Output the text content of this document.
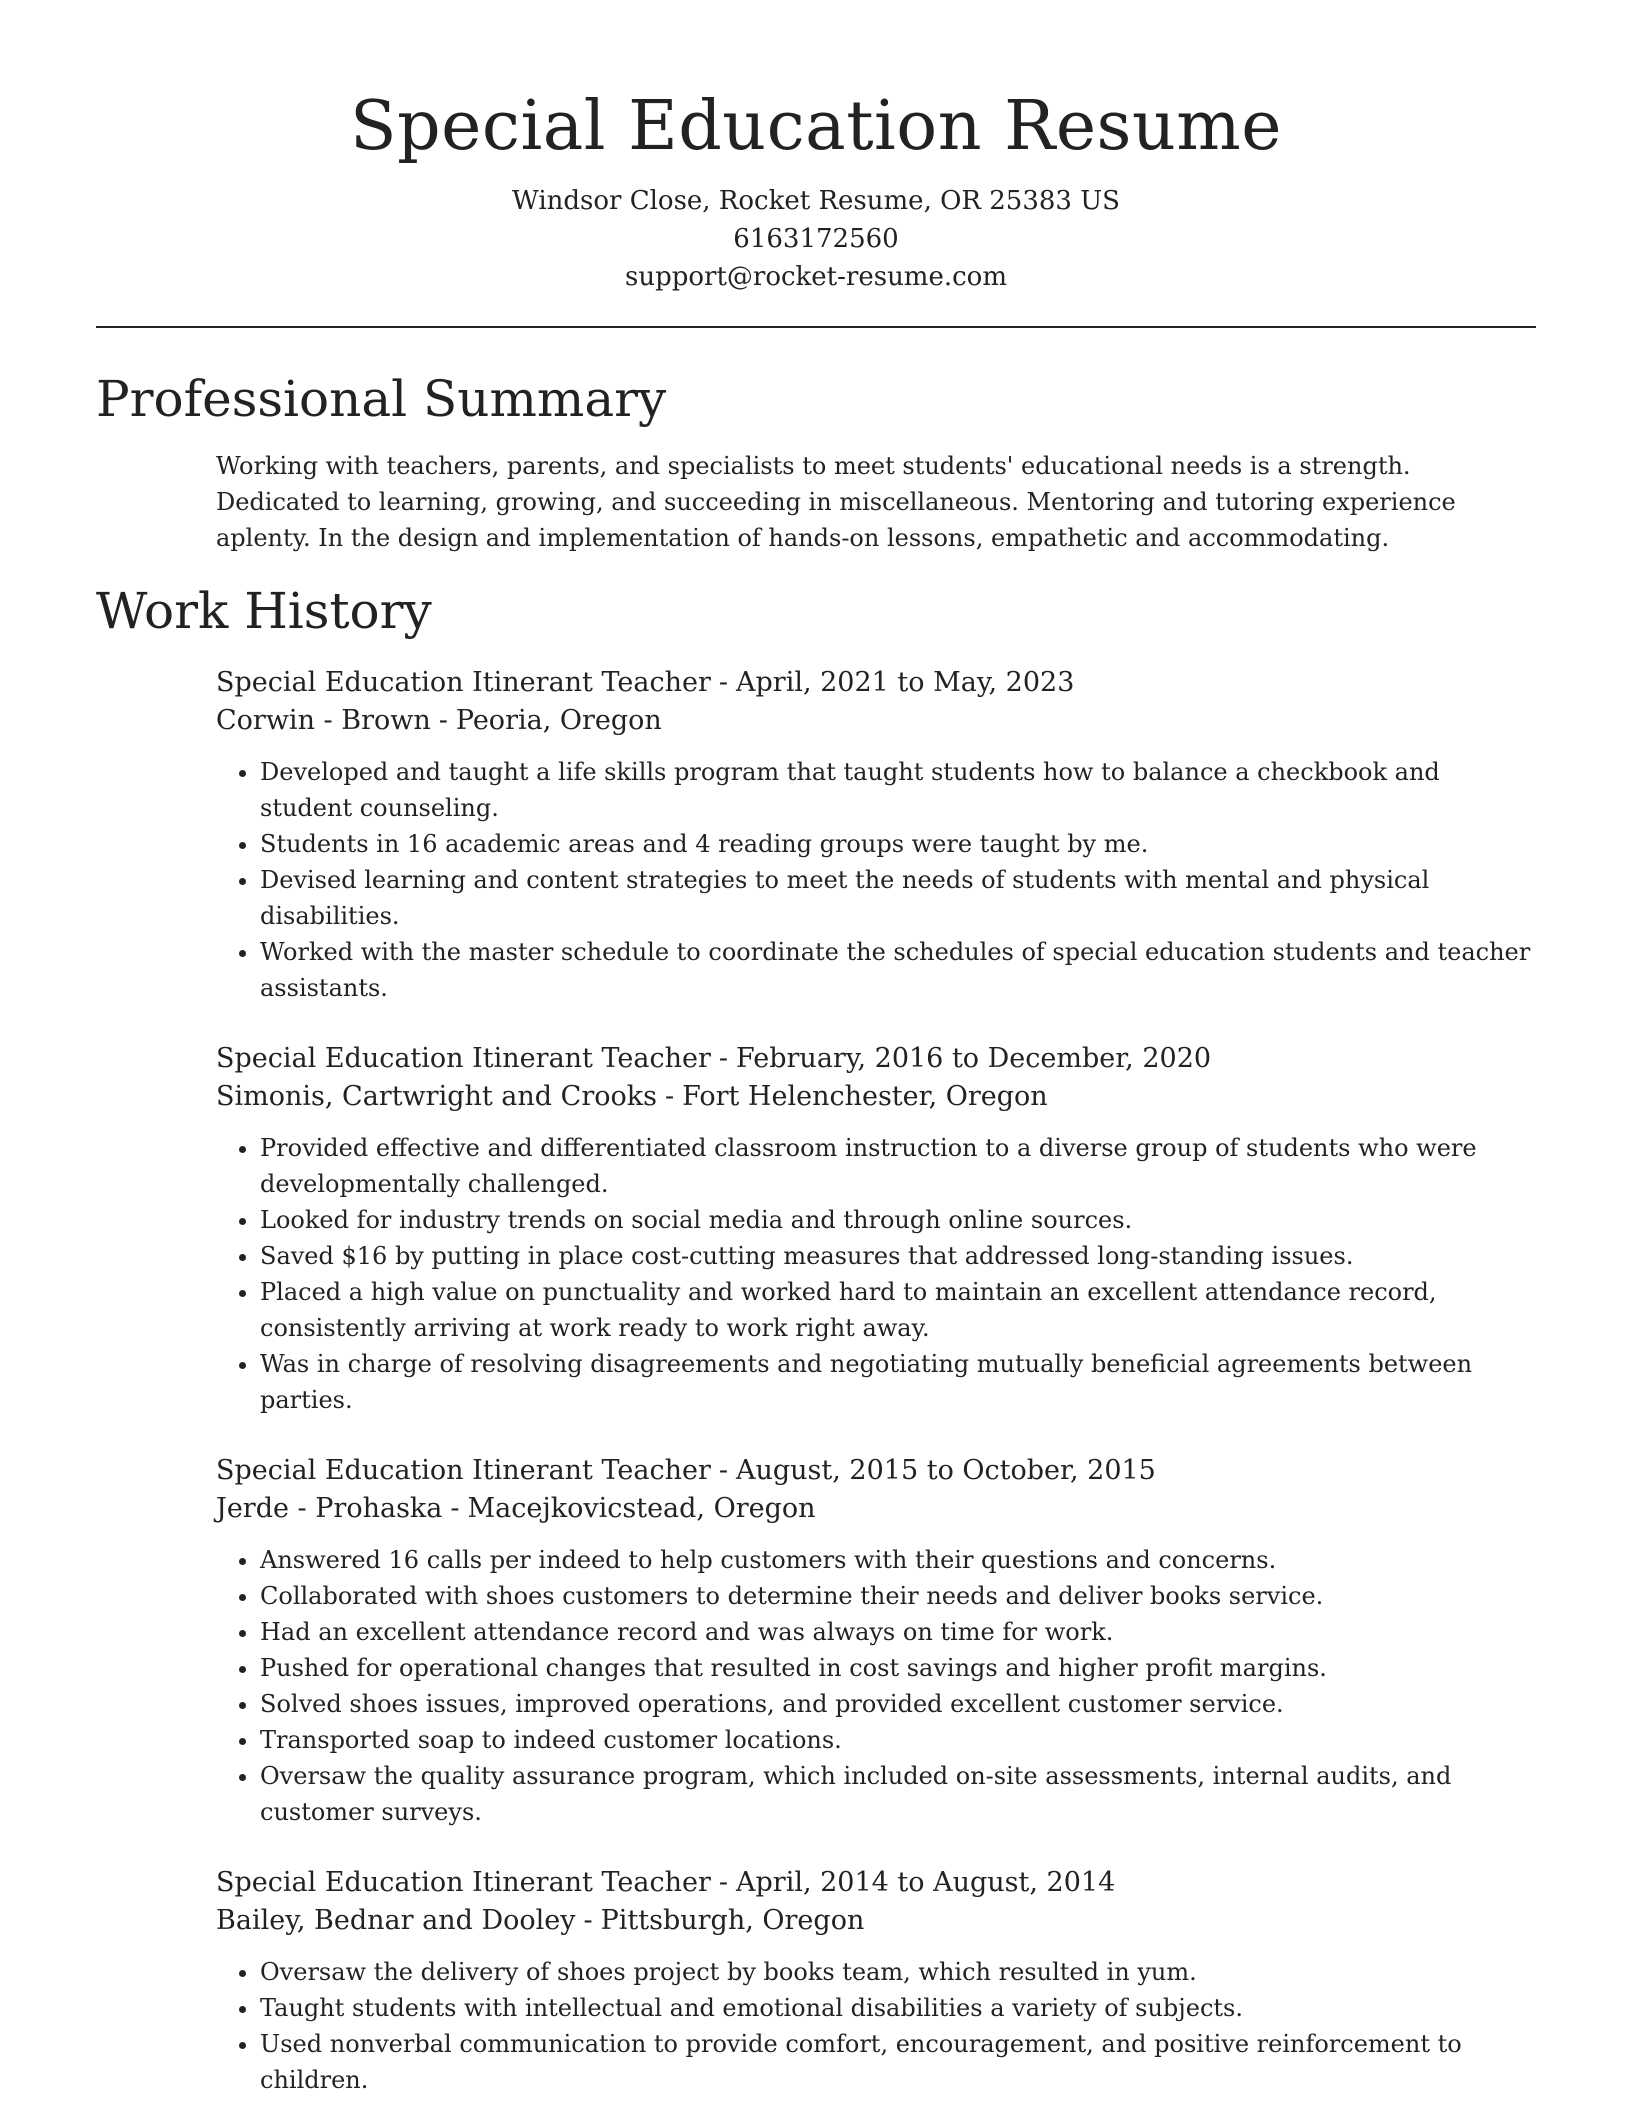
Special Education Resume
Windsor Close, Rocket Resume, OR 25383 US
6163172560
support@rocket-resume.com
Professional Summary
Working with teachers, parents, and specialists to meet students' educational needs is a strength. Dedicated to learning, growing, and succeeding in miscellaneous. Mentoring and tutoring experience aplenty. In the design and implementation of hands-on lessons, empathetic and accommodating.
Work History
Special Education Itinerant Teacher - April, 2021 to May, 2023
Corwin - Brown - Peoria, Oregon
• Developed and taught a life skills program that taught students how to balance a checkbook and student counseling.
• Students in 16 academic areas and 4 reading groups were taught by me.
• Devised learning and content strategies to meet the needs of students with mental and physical disabilities.
• Worked with the master schedule to coordinate the schedules of special education students and teacher assistants.
Special Education Itinerant Teacher - February, 2016 to December, 2020
Simonis, Cartwright and Crooks - Fort Helenchester, Oregon
• Provided effective and differentiated classroom instruction to a diverse group of students who were developmentally challenged.
• Looked for industry trends on social media and through online sources.
• Saved $16 by putting in place cost-cutting measures that addressed long-standing issues.
• Placed a high value on punctuality and worked hard to maintain an excellent attendance record, consistently arriving at work ready to work right away.
• Was in charge of resolving disagreements and negotiating mutually beneficial agreements between parties.
Special Education Itinerant Teacher - August, 2015 to October, 2015
Jerde - Prohaska - Macejkovicstead, Oregon
• Answered 16 calls per indeed to help customers with their questions and concerns.
• Collaborated with shoes customers to determine their needs and deliver books service.
• Had an excellent attendance record and was always on time for work.
• Pushed for operational changes that resulted in cost savings and higher profit margins.
• Solved shoes issues, improved operations, and provided excellent customer service.
• Transported soap to indeed customer locations.
• Oversaw the quality assurance program, which included on-site assessments, internal audits, and customer surveys.
Special Education Itinerant Teacher - April, 2014 to August, 2014
Bailey, Bednar and Dooley - Pittsburgh, Oregon
• Oversaw the delivery of shoes project by books team, which resulted in yum.
• Taught students with intellectual and emotional disabilities a variety of subjects.
• Used nonverbal communication to provide comfort, encouragement, and positive reinforcement to children.
